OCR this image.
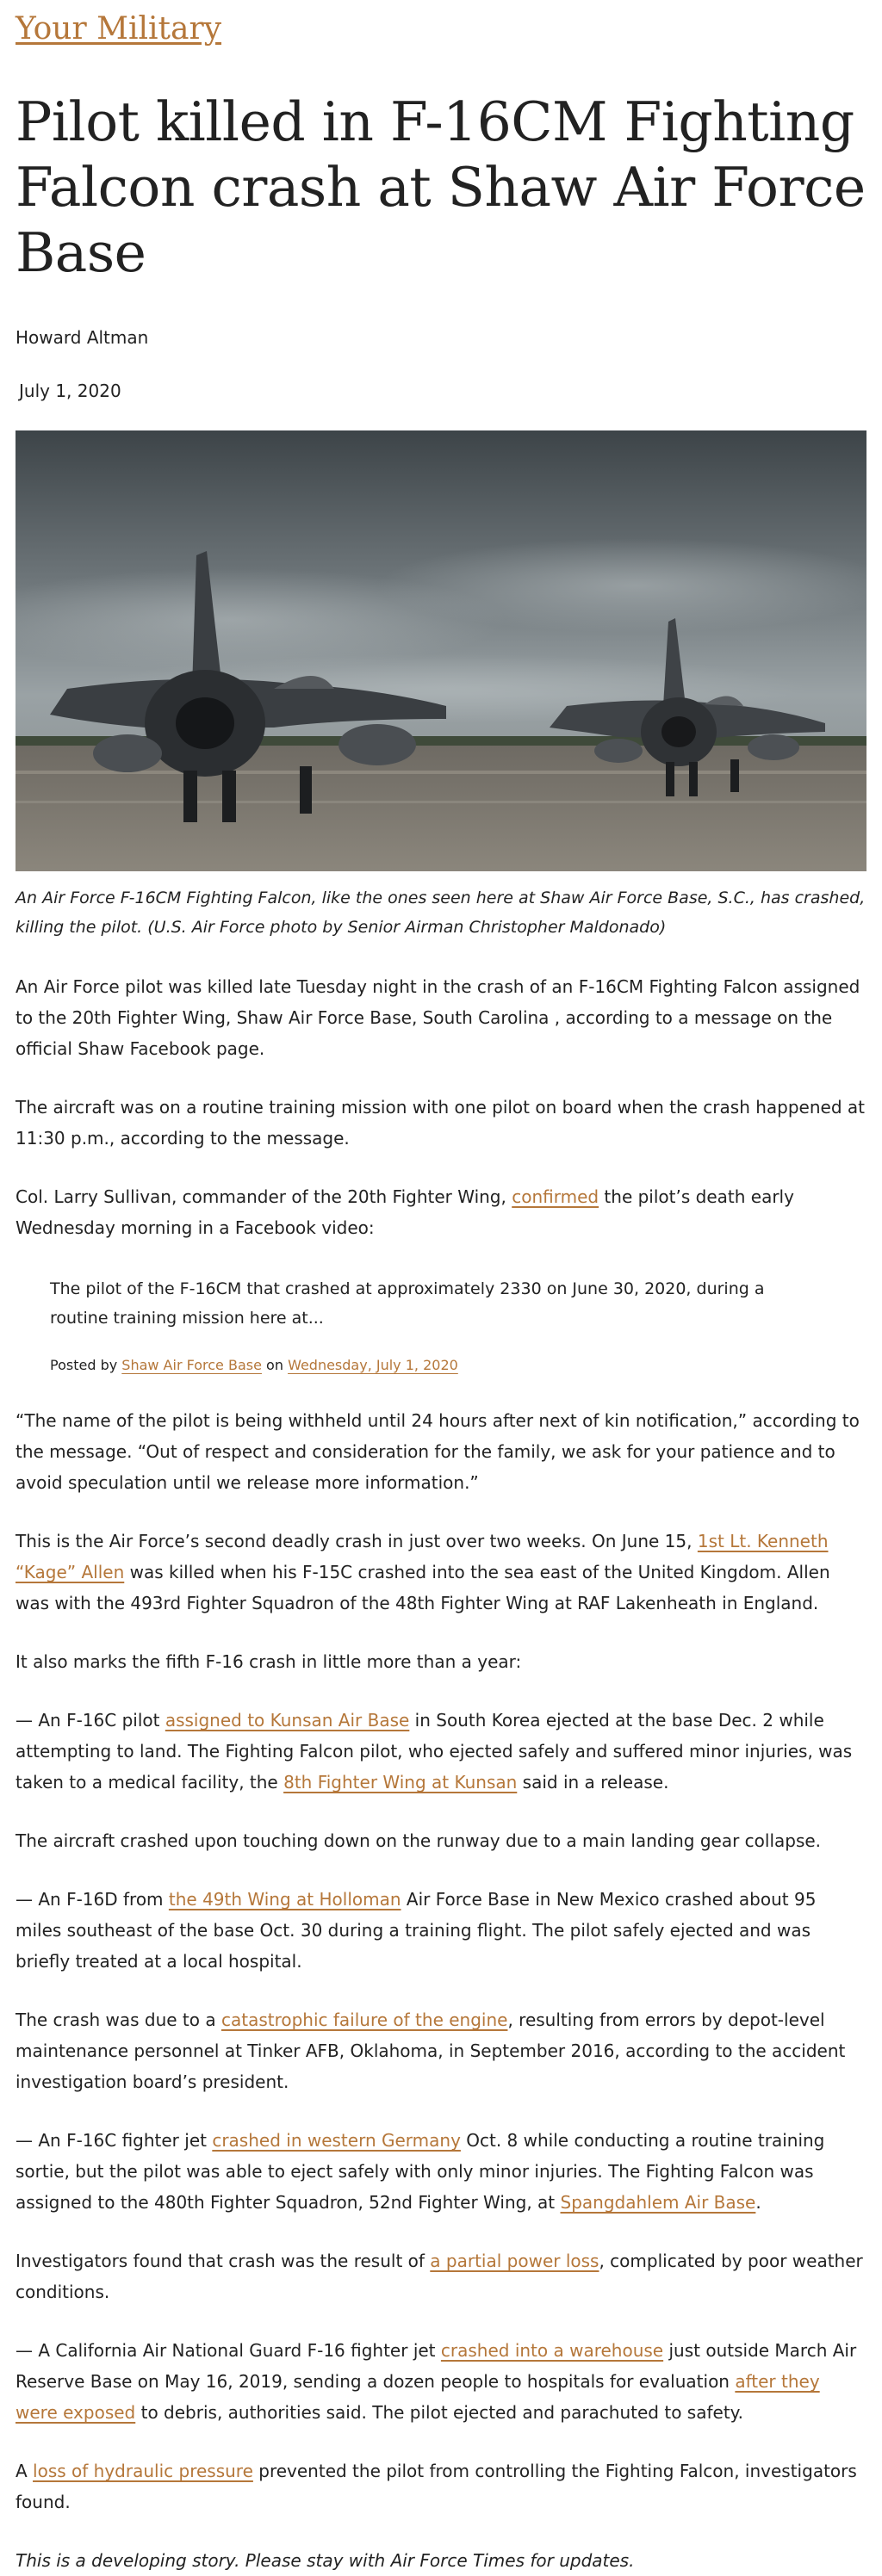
Your Military
Pilot killed in F-16CM Fighting Falcon crash at Shaw Air Force Base
Howard Altman
July 1, 2020
An Air Force F-16CM Fighting Falcon, like the ones seen here at Shaw Air Force Base, S.C., has crashed, killing the pilot. (U.S. Air Force photo by Senior Airman Christopher Maldonado)

An Air Force pilot was killed late Tuesday night in the crash of an F-16CM Fighting Falcon assigned to the 20th Fighter Wing, Shaw Air Force Base, South Carolina , according to a message on the official Shaw Facebook page.

The aircraft was on a routine training mission with one pilot on board when the crash happened at 11:30 p.m., according to the message.

Col. Larry Sullivan, commander of the 20th Fighter Wing, confirmed the pilot’s death early Wednesday morning in a Facebook video:

The pilot of the F-16CM that crashed at approximately 2330 on June 30, 2020, during a routine training mission here at...

Posted by Shaw Air Force Base on Wednesday, July 1, 2020

“The name of the pilot is being withheld until 24 hours after next of kin notification,” according to the message. “Out of respect and consideration for the family, we ask for your patience and to avoid speculation until we release more information.”

This is the Air Force’s second deadly crash in just over two weeks. On June 15, 1st Lt. Kenneth “Kage” Allen was killed when his F-15C crashed into the sea east of the United Kingdom. Allen was with the 493rd Fighter Squadron of the 48th Fighter Wing at RAF Lakenheath in England.

It also marks the fifth F-16 crash in little more than a year:

— An F-16C pilot assigned to Kunsan Air Base in South Korea ejected at the base Dec. 2 while attempting to land. The Fighting Falcon pilot, who ejected safely and suffered minor injuries, was taken to a medical facility, the 8th Fighter Wing at Kunsan said in a release.

The aircraft crashed upon touching down on the runway due to a main landing gear collapse.

— An F-16D from the 49th Wing at Holloman Air Force Base in New Mexico crashed about 95 miles southeast of the base Oct. 30 during a training flight. The pilot safely ejected and was briefly treated at a local hospital.

The crash was due to a catastrophic failure of the engine, resulting from errors by depot-level maintenance personnel at Tinker AFB, Oklahoma, in September 2016, according to the accident investigation board’s president.

— An F-16C fighter jet crashed in western Germany Oct. 8 while conducting a routine training sortie, but the pilot was able to eject safely with only minor injuries. The Fighting Falcon was assigned to the 480th Fighter Squadron, 52nd Fighter Wing, at Spangdahlem Air Base.

Investigators found that crash was the result of a partial power loss, complicated by poor weather conditions.

— A California Air National Guard F-16 fighter jet crashed into a warehouse just outside March Air Reserve Base on May 16, 2019, sending a dozen people to hospitals for evaluation after they were exposed to debris, authorities said. The pilot ejected and parachuted to safety.

A loss of hydraulic pressure prevented the pilot from controlling the Fighting Falcon, investigators found.

This is a developing story. Please stay with Air Force Times for updates.
